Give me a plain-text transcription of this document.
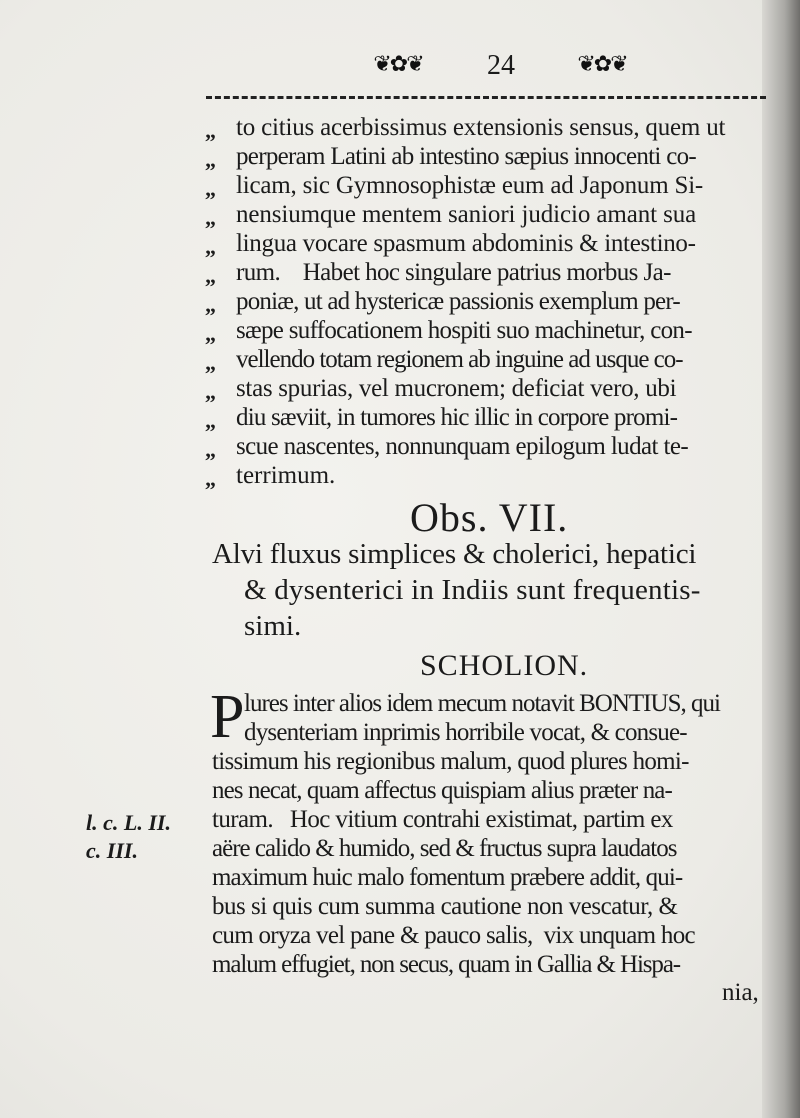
❦✿❦	24	❦✿❦
„ to citius acerbissimus extensionis sensus, quem ut
„ perperam Latini ab intestino sæpius innocenti co-
„ licam, sic Gymnosophistæ eum ad Japonum Si-
„ nensiumque mentem saniori judicio amant sua
„ lingua vocare spasmum abdominis & intestino-
„ rum.    Habet hoc singulare patrius morbus Ja-
„ poniæ, ut ad hystericæ passionis exemplum per-
„ sæpe suffocationem hospiti suo machinetur, con-
„ vellendo totam regionem ab inguine ad usque co-
„ stas spurias, vel mucronem; deficiat vero, ubi
„ diu sæviit, in tumores hic illic in corpore promi-
„ scue nascentes, nonnunquam epilogum ludat te-
„ terrimum.
Obs. VII.
Alvi fluxus simplices & cholerici, hepatici
& dysenterici in Indiis sunt frequentis-
simi.
SCHOLION.
P lures inter alios idem mecum notavit BONTIUS, qui
dysenteriam inprimis horribile vocat, & consue-
tissimum his regionibus malum, quod plures homi-
nes necat, quam affectus quispiam alius præter na-
turam.   Hoc vitium contrahi existimat, partim ex
aëre calido & humido, sed & fructus supra laudatos
maximum huic malo fomentum præbere addit, qui-
bus si quis cum summa cautione non vescatur, &
cum oryza vel pane & pauco salis,  vix unquam hoc
malum effugiet, non secus, quam in Gallia & Hispa-
nia,
l. c. L. II.
c. III.
